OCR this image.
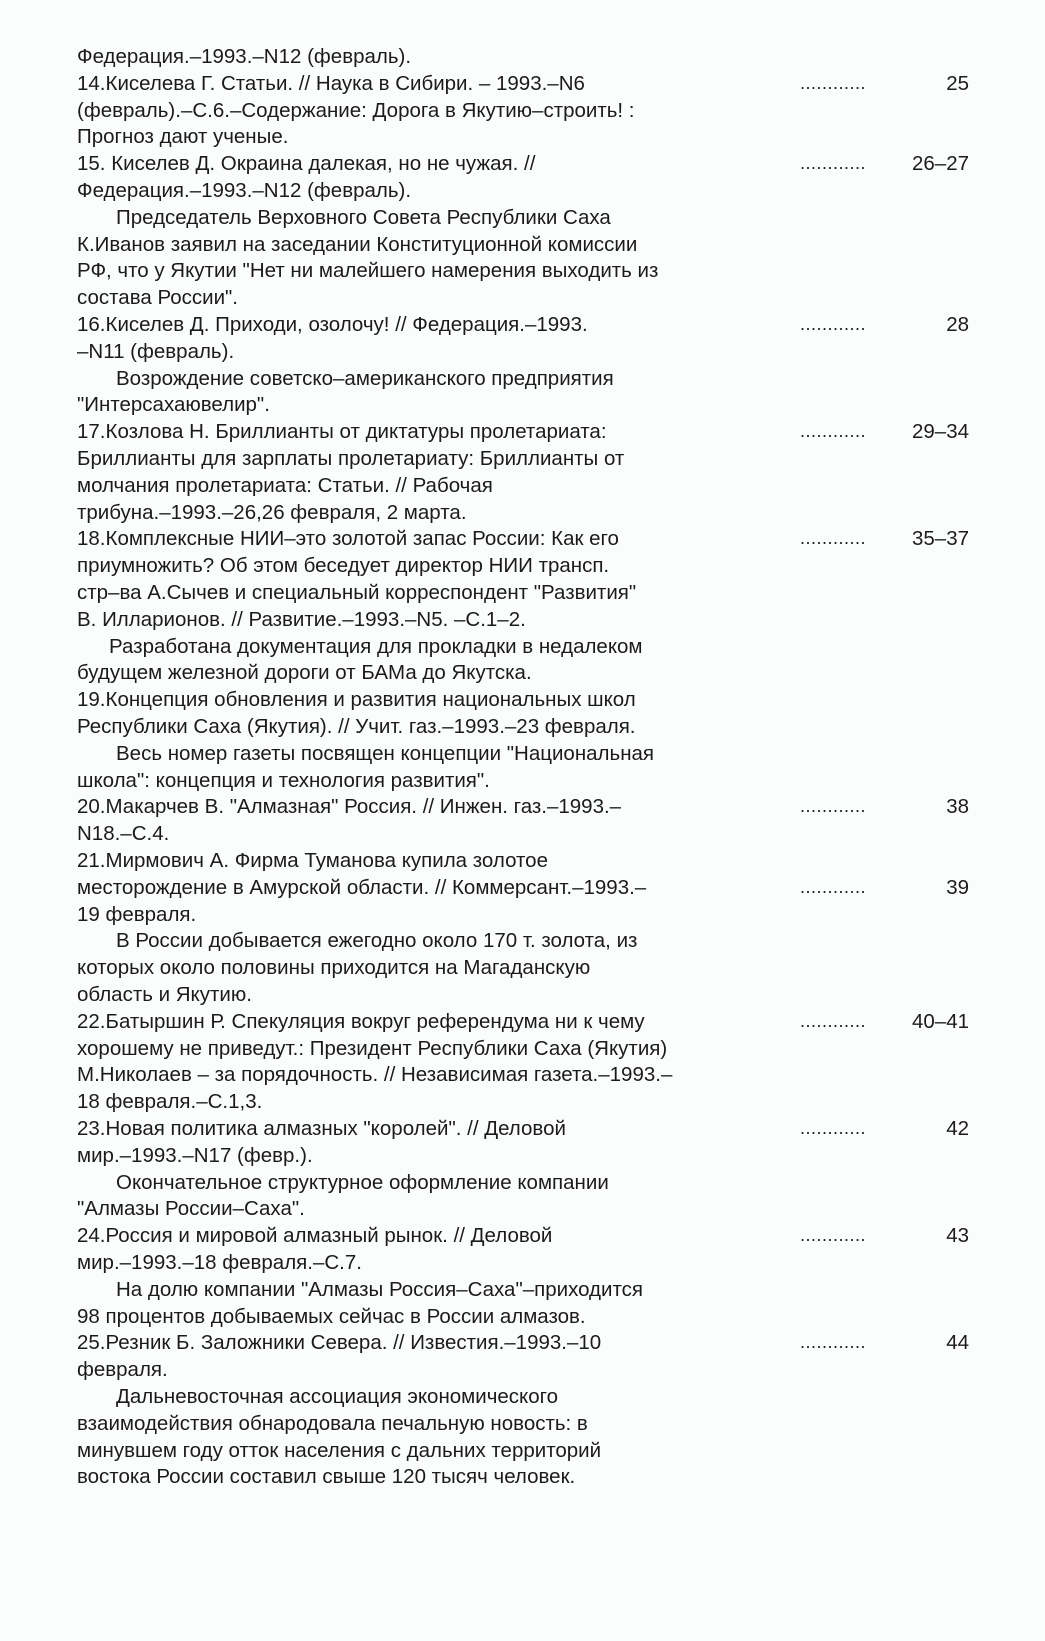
Федерация.–1993.–N12 (февраль).
14.Киселева Г. Статьи. // Наука в Сибири. – 1993.–N6	............	25
(февраль).–С.6.–Содержание: Дорога в Якутию–строить! :
Прогноз дают ученые.
15. Киселев Д. Окраина далекая, но не чужая. //	............ 26–27
Федерация.–1993.–N12 (февраль).
Председатель Верховного Совета Республики Саха
К.Иванов заявил на заседании Конституционной комиссии
РФ, что у Якутии "Нет ни малейшего намерения выходить из
состава России".
16.Киселев Д. Приходи, озолочу! // Федерация.–1993.	............	28
–N11 (февраль).
Возрождение советско–американского предприятия
"Интерсахаювелир".
17.Козлова Н. Бриллианты от диктатуры пролетариата:	............ 29–34
Бриллианты для зарплаты пролетариату: Бриллианты от
молчания пролетариата: Статьи. // Рабочая
трибуна.–1993.–26,26 февраля, 2 марта.
18.Комплексные НИИ–это золотой запас России: Как его	............ 35–37
приумножить? Об этом беседует директор НИИ трансп.
стр–ва А.Сычев и специальный корреспондент "Развития"
В. Илларионов. // Развитие.–1993.–N5. –С.1–2.
Разработана документация для прокладки в недалеком
будущем железной дороги от БАМа до Якутска.
19.Концепция обновления и развития национальных школ
Республики Саха (Якутия). // Учит. газ.–1993.–23 февраля.
Весь номер газеты посвящен концепции "Национальная
школа": концепция и технология развития".
20.Макарчев В. "Алмазная" Россия. // Инжен. газ.–1993.–	............	38
N18.–С.4.
21.Мирмович А. Фирма Туманова купила золотое
месторождение в Амурской области. // Коммерсант.–1993.–	............	39
19 февраля.
В России добывается ежегодно около 170 т. золота, из
которых около половины приходится на Магаданскую
область и Якутию.
22.Батыршин Р. Спекуляция вокруг референдума ни к чему	............ 40–41
хорошему не приведут.: Президент Республики Саха (Якутия)
М.Николаев – за порядочность. // Независимая газета.–1993.–
18 февраля.–С.1,3.
23.Новая политика алмазных "королей". // Деловой	............	42
мир.–1993.–N17 (февр.).
Окончательное структурное оформление компании
"Алмазы России–Саха".
24.Россия и мировой алмазный рынок. // Деловой	............	43
мир.–1993.–18 февраля.–С.7.
На долю компании "Алмазы Россия–Саха"–приходится
98 процентов добываемых сейчас в России алмазов.
25.Резник Б. Заложники Севера. // Известия.–1993.–10	............	44
февраля.
Дальневосточная ассоциация экономического
взаимодействия обнародовала печальную новость: в
минувшем году отток населения с дальних территорий
востока России составил свыше 120 тысяч человек.
